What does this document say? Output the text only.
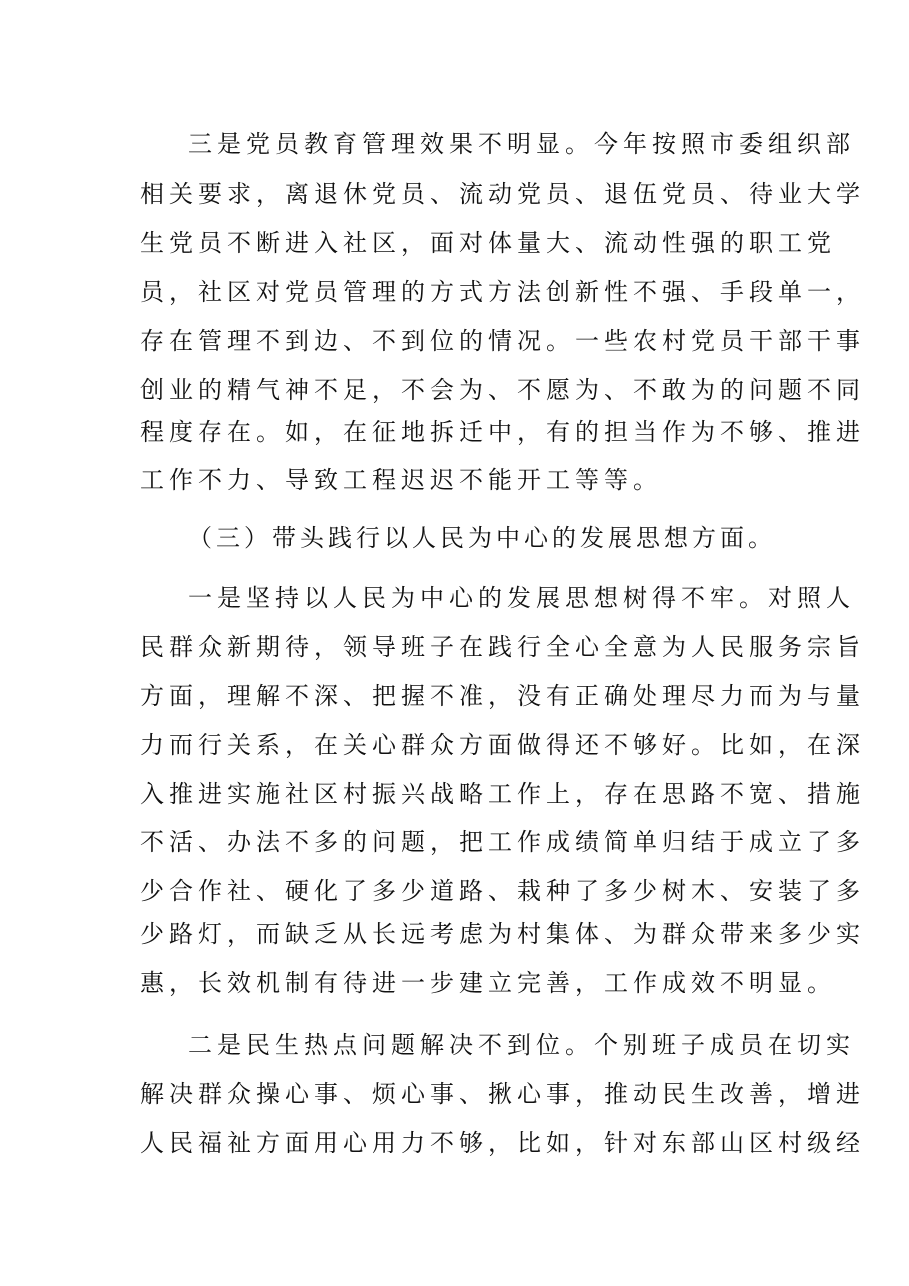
三是党员教育管理效果不明显。今年按照市委组织部
相关要求，离退休党员、流动党员、退伍党员、待业大学
生党员不断进入社区，面对体量大、流动性强的职工党
员，社区对党员管理的方式方法创新性不强、手段单一，
存在管理不到边、不到位的情况。一些农村党员干部干事
创业的精气神不足，不会为、不愿为、不敢为的问题不同
程度存在。如，在征地拆迁中，有的担当作为不够、推进
工作不力、导致工程迟迟不能开工等等。
（三）带头践行以人民为中心的发展思想方面。
一是坚持以人民为中心的发展思想树得不牢。对照人
民群众新期待，领导班子在践行全心全意为人民服务宗旨
方面，理解不深、把握不准，没有正确处理尽力而为与量
力而行关系，在关心群众方面做得还不够好。比如，在深
入推进实施社区村振兴战略工作上，存在思路不宽、措施
不活、办法不多的问题，把工作成绩简单归结于成立了多
少合作社、硬化了多少道路、栽种了多少树木、安装了多
少路灯，而缺乏从长远考虑为村集体、为群众带来多少实
惠，长效机制有待进一步建立完善，工作成效不明显。
二是民生热点问题解决不到位。个别班子成员在切实
解决群众操心事、烦心事、揪心事，推动民生改善，增进
人民福祉方面用心用力不够，比如，针对东部山区村级经
